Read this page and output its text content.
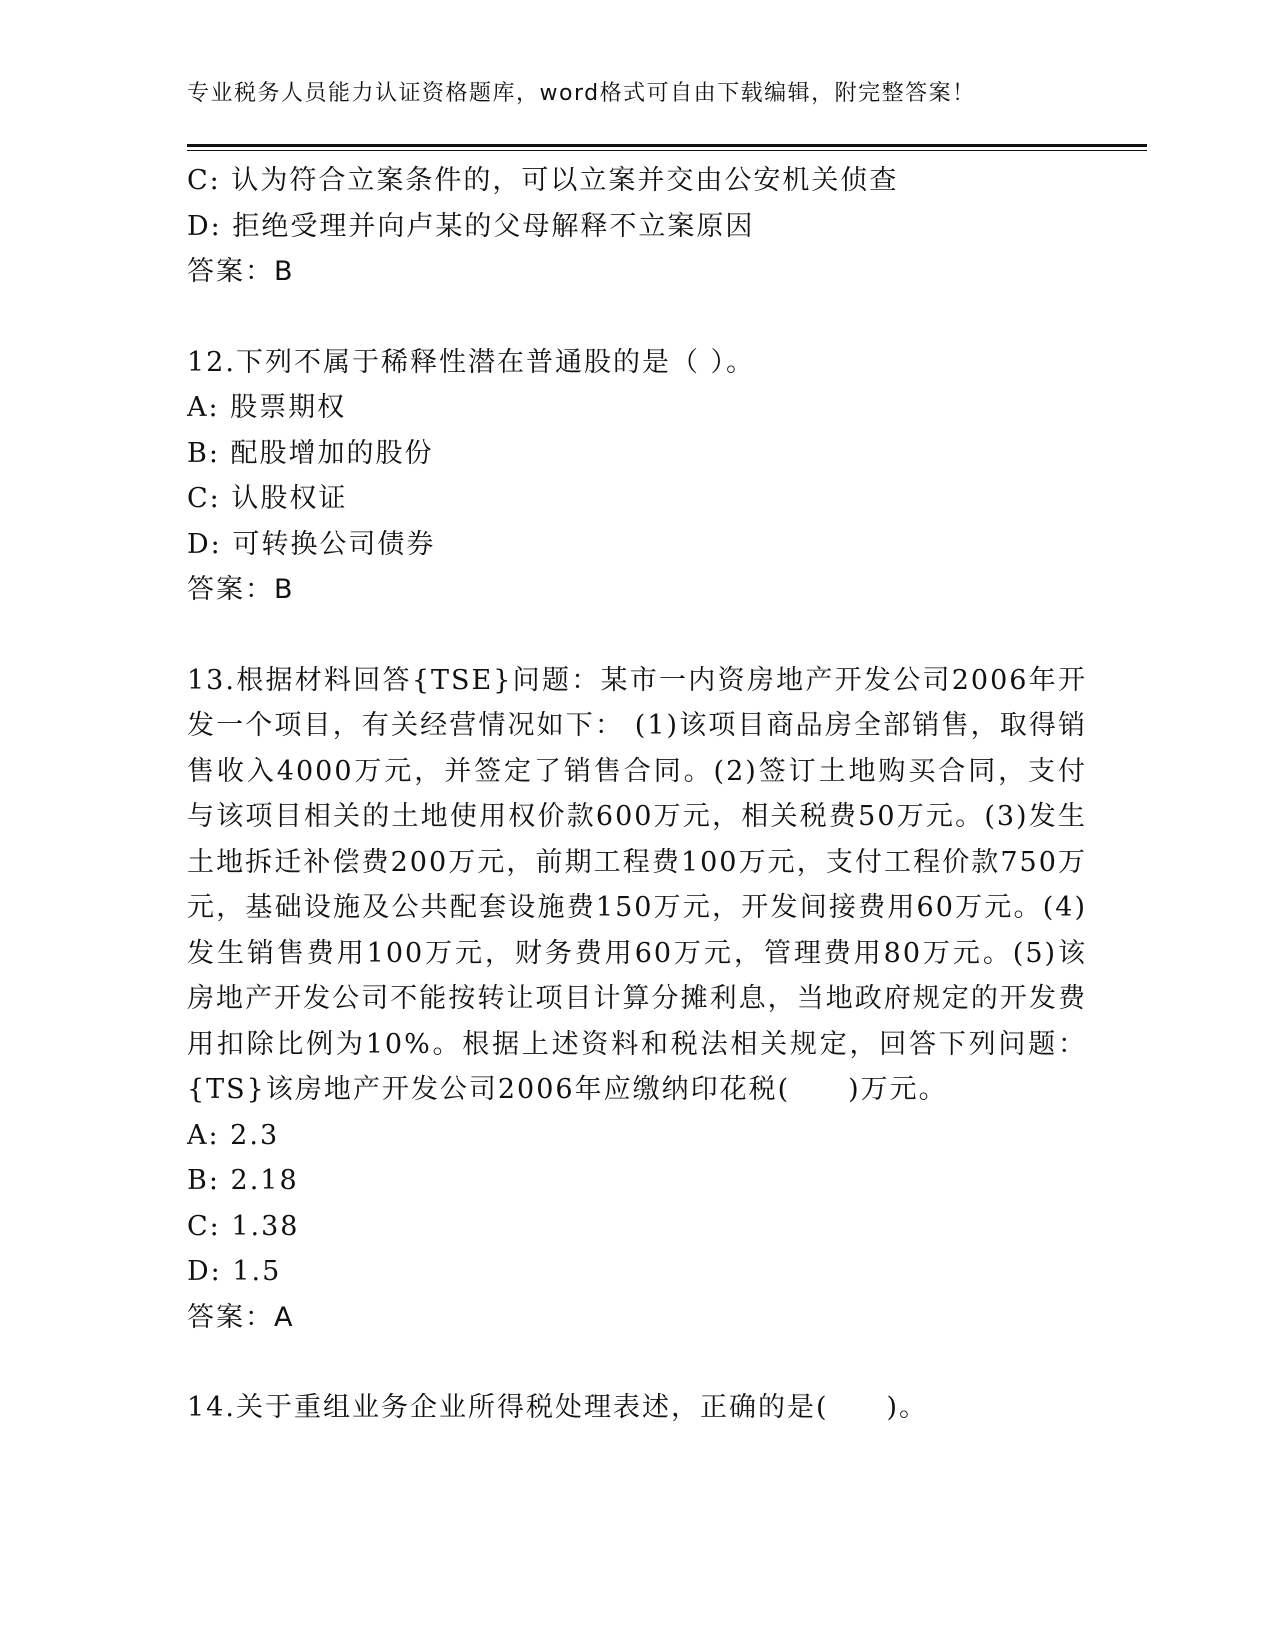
专业税务人员能力认证资格题库，word格式可自由下载编辑，附完整答案！
C: 认为符合立案条件的，可以立案并交由公安机关侦查
D: 拒绝受理并向卢某的父母解释不立案原因
答案：B
12.下列不属于稀释性潜在普通股的是（ ）。
A: 股票期权
B: 配股增加的股份
C: 认股权证
D: 可转换公司债券
答案：B
13.根据材料回答{TSE}问题：某市一内资房地产开发公司2006年开发一个项目，有关经营情况如下： (1)该项目商品房全部销售，取得销售收入4000万元，并签定了销售合同。(2)签订土地购买合同，支付与该项目相关的土地使用权价款600万元，相关税费50万元。(3)发生土地拆迁补偿费200万元，前期工程费100万元，支付工程价款750万元，基础设施及公共配套设施费150万元，开发间接费用60万元。(4)发生销售费用100万元，财务费用60万元，管理费用80万元。(5)该房地产开发公司不能按转让项目计算分摊利息，当地政府规定的开发费用扣除比例为10%。根据上述资料和税法相关规定，回答下列问题：{TS}该房地产开发公司2006年应缴纳印花税(　　)万元。
A: 2.3
B: 2.18
C: 1.38
D: 1.5
答案：A
14.关于重组业务企业所得税处理表述，正确的是(　　)。
